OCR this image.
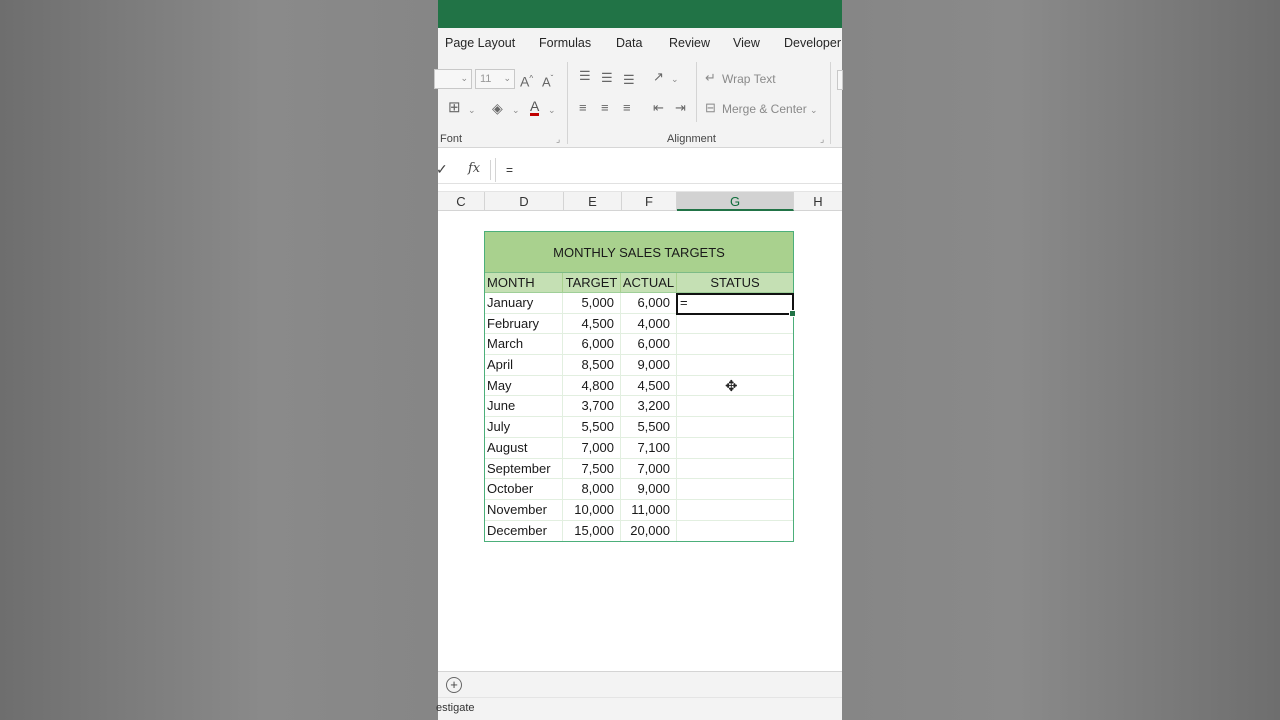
Page Layout Formulas Data Review View Developer
⌄	11 ⌄ A^ $A^ˇ$
⊞ ⌄ ◈ ⌄ A ⌄
Font	⌟
☰ ☰ ☰ ↗ ⌄
≡ ≡ ≡ ⇤ ⇥
↵ Wrap Text
⊟ Merge & Center ⌄
Alignment	⌟
✓ fx	=
C	D	E	F	G	H
MONTHLY SALES TARGETS
MONTH	TARGET ACTUAL	STATUS
January	5,000	6,000 =
February	4,500	4,000
March	6,000	6,000
April	8,500	9,000
May	4,800	4,500
June	3,700	3,200
July	5,500	5,500
August	7,000	7,100
September	7,500	7,000
October	8,000	9,000
November	10,000	11,000
December	15,000	20,000
✥
+
estigate
